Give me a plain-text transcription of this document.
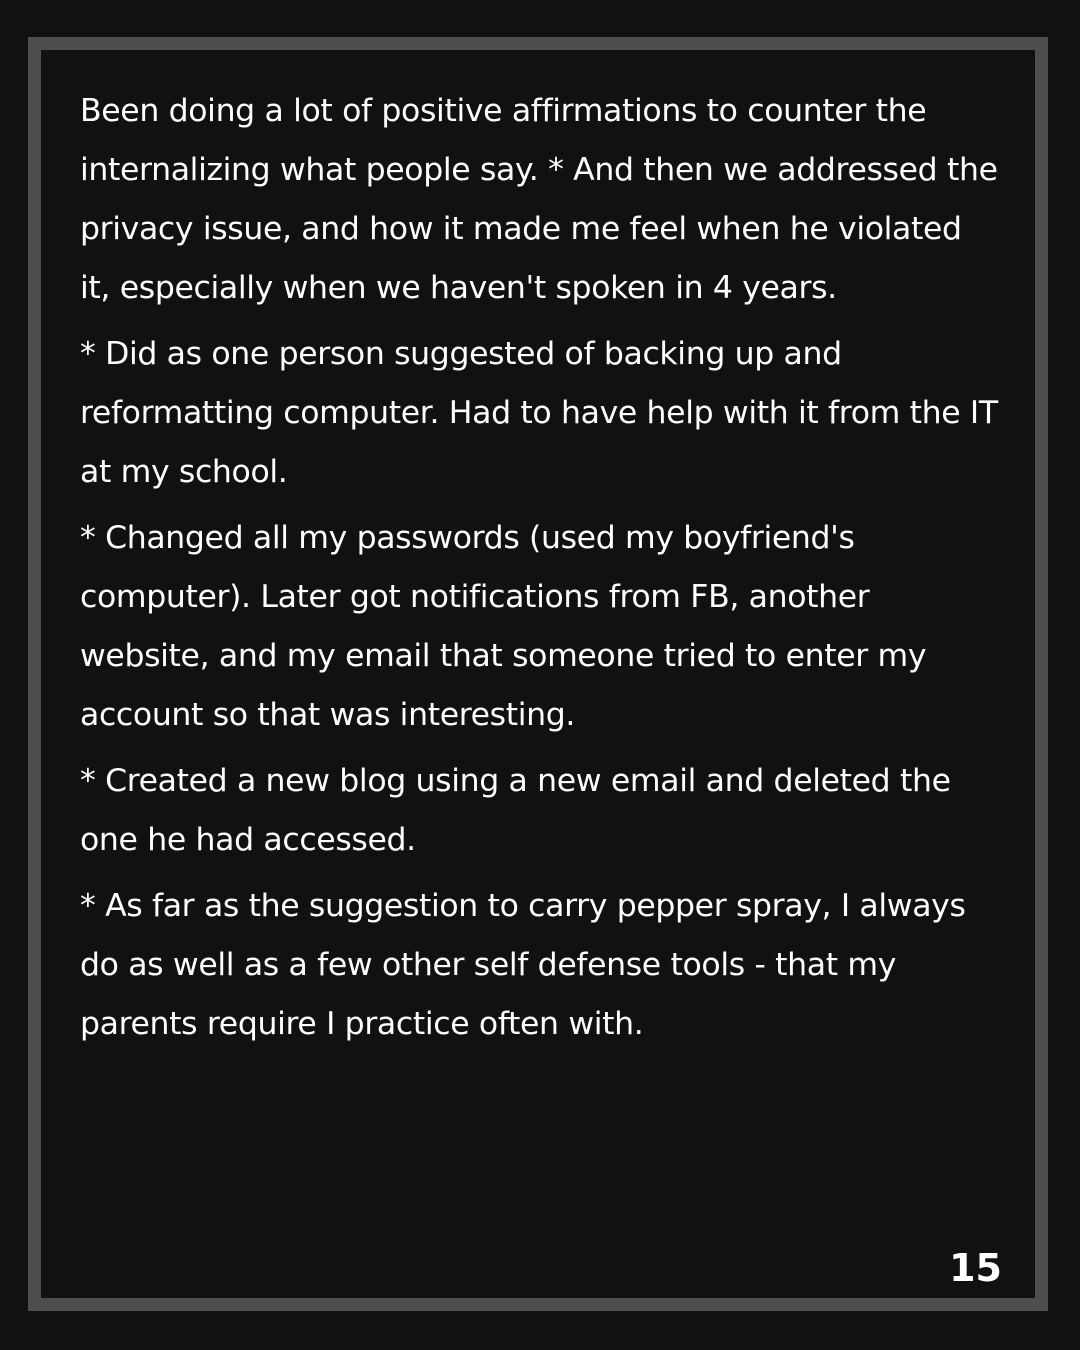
Been doing a lot of positive affirmations to counter the internalizing what people say. * And then we addressed the privacy issue, and how it made me feel when he violated it, especially when we haven't spoken in 4 years.

* Did as one person suggested of backing up and reformatting computer. Had to have help with it from the IT at my school.

* Changed all my passwords (used my boyfriend's computer). Later got notifications from FB, another website, and my email that someone tried to enter my account so that was interesting.

* Created a new blog using a new email and deleted the one he had accessed.

* As far as the suggestion to carry pepper spray, I always do as well as a few other self defense tools - that my parents require I practice often with.

15
